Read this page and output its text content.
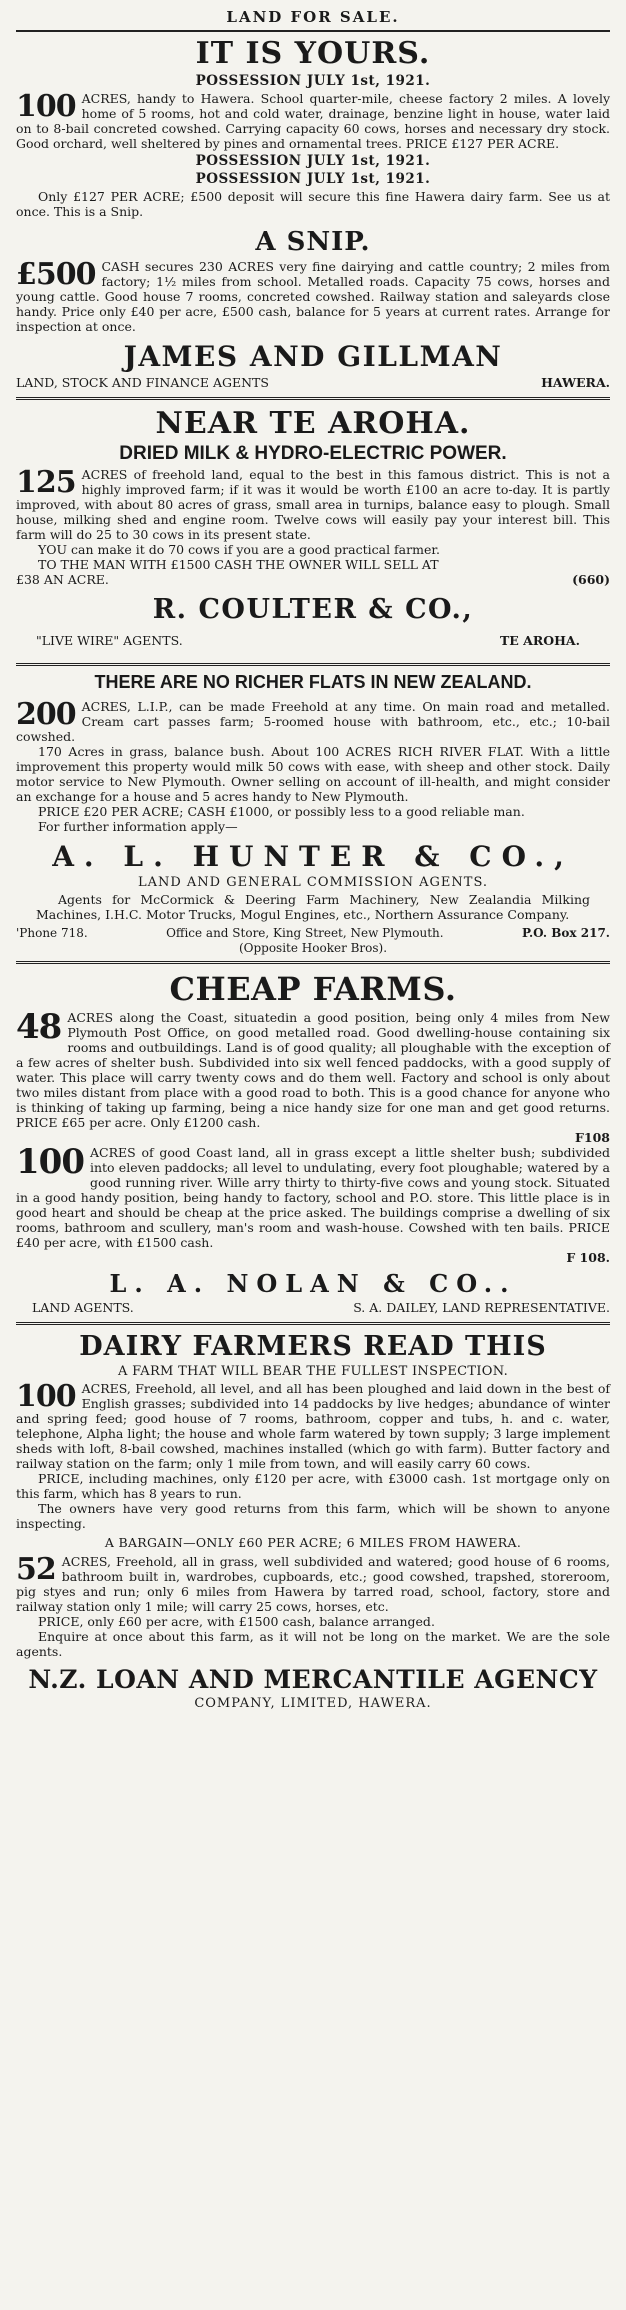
LAND FOR SALE.
IT IS YOURS.
POSSESSION JULY 1st, 1921.
100 ACRES, handy to Hawera. School quarter-mile, cheese factory 2 miles. A lovely home of 5 rooms, hot and cold water, drainage, benzine light in house, water laid on to 8-bail concreted cowshed. Carrying capacity 60 cows, horses and necessary dry stock. Good orchard, well sheltered by pines and ornamental trees. PRICE £127 PER ACRE.
POSSESSION JULY 1st, 1921.
POSSESSION JULY 1st, 1921.

Only £127 PER ACRE; £500 deposit will secure this fine Hawera dairy farm. See us at once. This is a Snip.

A SNIP.
£500 CASH secures 230 ACRES very fine dairying and cattle country; 2 miles from factory; 1½ miles from school. Metalled roads. Capacity 75 cows, horses and young cattle. Good house 7 rooms, concreted cowshed. Railway station and saleyards close handy. Price only £40 per acre, £500 cash, balance for 5 years at current rates. Arrange for inspection at once.
JAMES AND GILLMAN
LAND, STOCK AND FINANCE AGENTS	HAWERA.
NEAR TE AROHA.
DRIED MILK & HYDRO-ELECTRIC POWER.
125 ACRES of freehold land, equal to the best in this famous district. This is not a highly improved farm; if it was it would be worth £100 an acre to-day. It is partly improved, with about 80 acres of grass, small area in turnips, balance easy to plough. Small house, milking shed and engine room. Twelve cows will easily pay your interest bill. This farm will do 25 to 30 cows in its present state.

YOU can make it do 70 cows if you are a good practical farmer.

TO THE MAN WITH £1500 CASH THE OWNER WILL SELL AT

£38 AN ACRE.	(660)
R. COULTER & CO.,
"LIVE WIRE" AGENTS.	TE AROHA.
THERE ARE NO RICHER FLATS IN NEW ZEALAND.
200 ACRES, L.I.P., can be made Freehold at any time. On main road and metalled. Cream cart passes farm; 5-roomed house with bathroom, etc., etc.; 10-bail cowshed.

170 Acres in grass, balance bush. About 100 ACRES RICH RIVER FLAT. With a little improvement this property would milk 50 cows with ease, with sheep and other stock. Daily motor service to New Plymouth. Owner selling on account of ill-health, and might consider an exchange for a house and 5 acres handy to New Plymouth.

PRICE £20 PER ACRE; CASH £1000, or possibly less to a good reliable man.

For further information apply—

A. L. HUNTER & CO.,
LAND AND GENERAL COMMISSION AGENTS.

Agents for McCormick & Deering Farm Machinery, New Zealandia Milking Machines, I.H.C. Motor Trucks, Mogul Engines, etc., Northern Assurance Company.

'Phone 718.	Office and Store, King Street, New Plymouth.	P.O. Box 217.
(Opposite Hooker Bros).
CHEAP FARMS.
48 ACRES along the Coast, situatedin a good position, being only 4 miles from New Plymouth Post Office, on good metalled road. Good dwelling-house containing six rooms and outbuildings. Land is of good quality; all ploughable with the exception of a few acres of shelter bush. Subdivided into six well fenced paddocks, with a good supply of water. This place will carry twenty cows and do them well. Factory and school is only about two miles distant from place with a good road to both. This is a good chance for anyone who is thinking of taking up farming, being a nice handy size for one man and get good returns. PRICE £65 per acre. Only £1200 cash.
F108
100 ACRES of good Coast land, all in grass except a little shelter bush; subdivided into eleven paddocks; all level to undulating, every foot ploughable; watered by a good running river. Wille arry thirty to thirty-five cows and young stock. Situated in a good handy position, being handy to factory, school and P.O. store. This little place is in good heart and should be cheap at the price asked. The buildings comprise a dwelling of six rooms, bathroom and scullery, man's room and wash-house. Cowshed with ten bails. PRICE £40 per acre, with £1500 cash.
F 108.
L. A. NOLAN & CO..
LAND AGENTS.	S. A. DAILEY, LAND REPRESENTATIVE.
DAIRY FARMERS READ THIS
A FARM THAT WILL BEAR THE FULLEST INSPECTION.
100 ACRES, Freehold, all level, and all has been ploughed and laid down in the best of English grasses; subdivided into 14 paddocks by live hedges; abundance of winter and spring feed; good house of 7 rooms, bathroom, copper and tubs, h. and c. water, telephone, Alpha light; the house and whole farm watered by town supply; 3 large implement sheds with loft, 8-bail cowshed, machines installed (which go with farm). Butter factory and railway station on the farm; only 1 mile from town, and will easily carry 60 cows.

PRICE, including machines, only £120 per acre, with £3000 cash. 1st mortgage only on this farm, which has 8 years to run.

The owners have very good returns from this farm, which will be shown to anyone inspecting.

A BARGAIN—ONLY £60 PER ACRE; 6 MILES FROM HAWERA.
52 ACRES, Freehold, all in grass, well subdivided and watered; good house of 6 rooms, bathroom built in, wardrobes, cupboards, etc.; good cowshed, trapshed, storeroom, pig styes and run; only 6 miles from Hawera by tarred road, school, factory, store and railway station only 1 mile; will carry 25 cows, horses, etc.

PRICE, only £60 per acre, with £1500 cash, balance arranged.

Enquire at once about this farm, as it will not be long on the market. We are the sole agents.

N.Z. LOAN AND MERCANTILE AGENCY
COMPANY, LIMITED, HAWERA.
